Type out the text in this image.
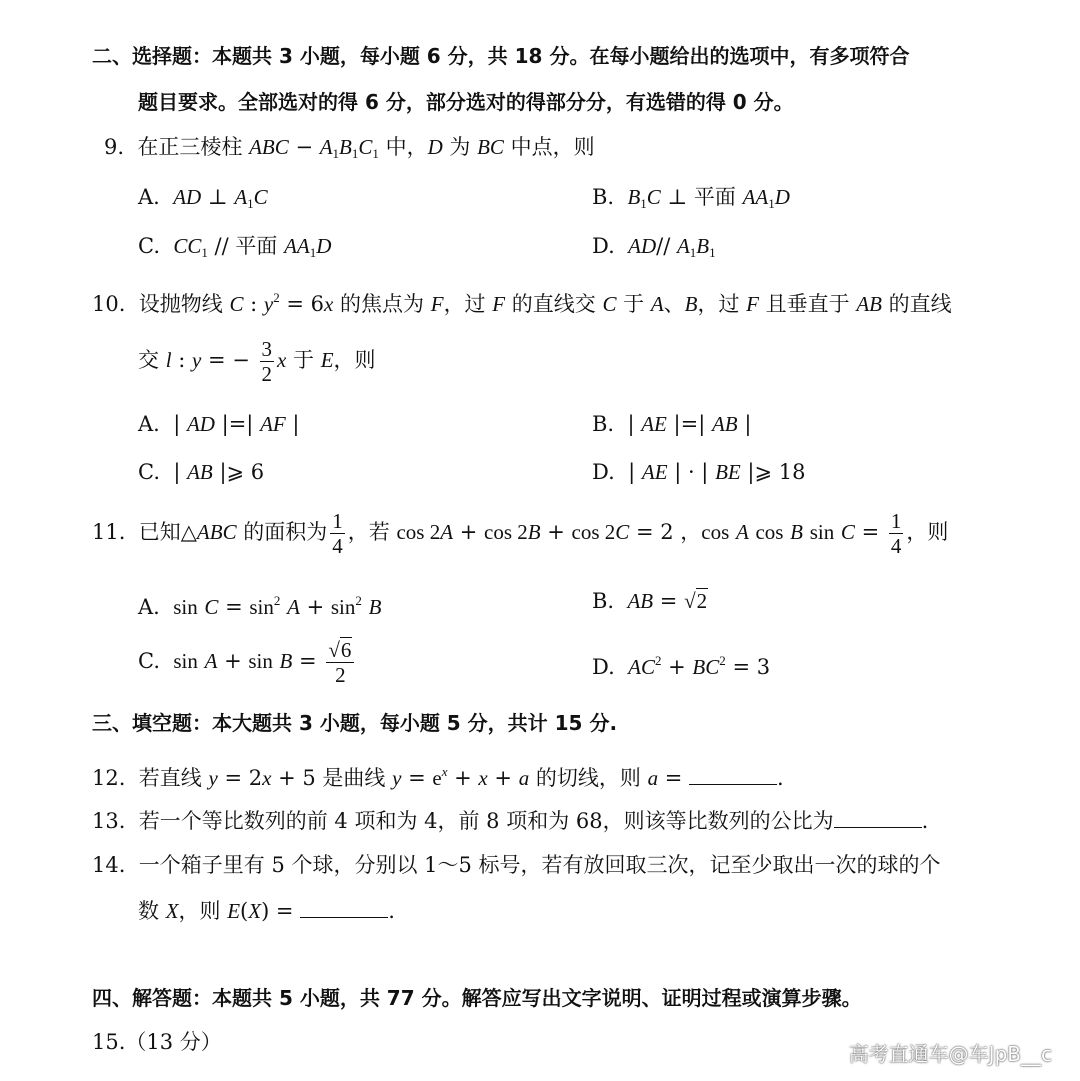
二、选择题：本题共 3 小题，每小题 6 分，共 18 分。在每小题给出的选项中，有多项符合
题目要求。全部选对的得 6 分，部分选对的得部分分，有选错的得 0 分。
9. 在正三棱柱 ABC − $A_1B_1C_1$ 中，D 为 BC 中点，则
A. AD ⊥ $A_1C$	B. $B_1C$ ⊥ 平面 $AA_1D$
C. $CC_1$ // 平面 $AA_1D$	D. AD// $A_1B_1$
10. 设抛物线 C : $y^2 = 6x$ 的焦点为 F，过 F 的直线交 C 于 A、B，过 F 且垂直于 AB 的直线
交 l : y = − $\frac{3}{2}$ x 于 E，则
A.  | AD |=| AF |	B.  | AE |=| AB |
C.  | AB |⩾ 6	D.  | AE | · | BE |⩾ 18
11.  已知△ABC 的面积为 $\frac{1}{4}$ ，若 cos 2A + cos 2B + cos 2C = 2 ，cos A cos B $\sin C = \frac{1}{4}$ ，则
A. $\sin C = \sin^2 A + \sin^2 B$	B. AB = √2
C. $\sin A + \sin B = \frac{√6}{2}$	D. $AC^2 + BC^2 = 3$
三、填空题：本大题共 3 小题，每小题 5 分，共计 15 分.
12.  若直线 y = 2x + 5 是曲线 $y = e^x + x + a$ 的切线，则 a =	.
13.  若一个等比数列的前 4 项和为 4，前 8 项和为 68，则该等比数列的公比为	.
14. 一个箱子里有 5 个球，分别以 1～5 标号，若有放回取三次，记至少取出一次的球的个
数 X，则 E(X) =	.
四、解答题：本题共 5 小题，共 77 分。解答应写出文字说明、证明过程或演算步骤。
15.（13 分）	高考直通车@车JpB__c
